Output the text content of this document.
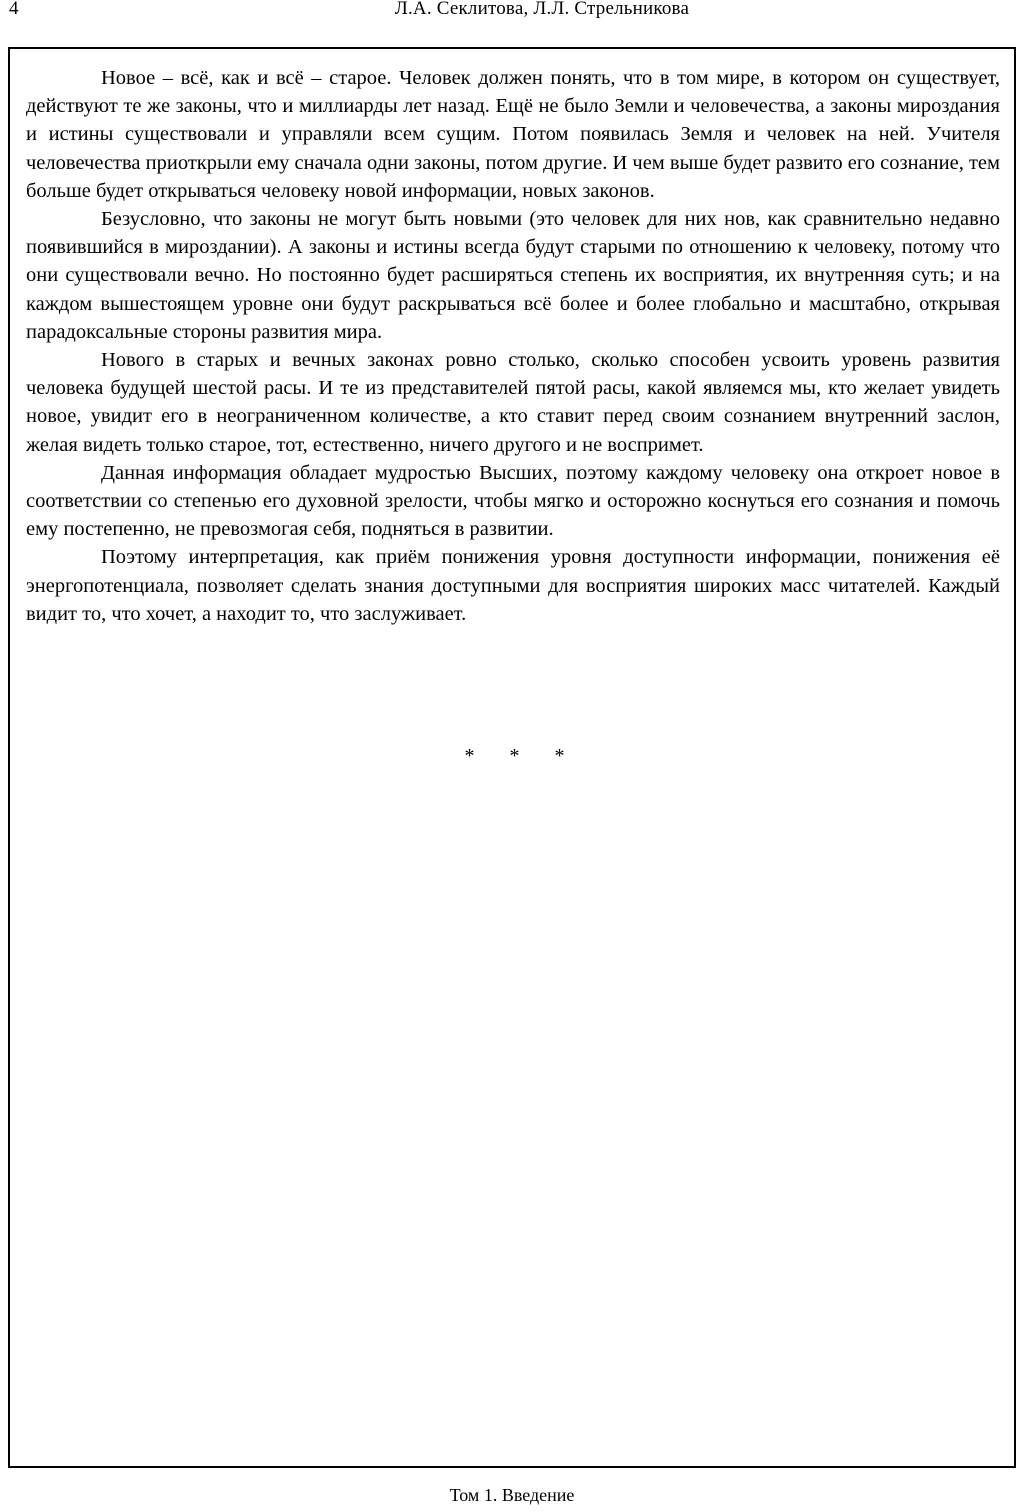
4	Л.А. Секлитова, Л.Л. Стрельникова

Новое – всё, как и всё – старое. Человек должен понять, что в том мире, в котором он существует, действуют те же законы, что и миллиарды лет назад. Ещё не было Земли и человечества, а законы мироздания и истины существовали и управляли всем сущим. Потом появилась Земля и человек на ней. Учителя человечества приоткрыли ему сначала одни законы, потом другие. И чем выше будет развито его сознание, тем больше будет открываться человеку новой информации, новых законов.

Безусловно, что законы не могут быть новыми (это человек для них нов, как сравнительно недавно появившийся в мироздании). А законы и истины всегда будут старыми по отношению к человеку, потому что они существовали вечно. Но постоянно будет расширяться степень их восприятия, их внутренняя суть; и на каждом вышестоящем уровне они будут раскрываться всё более и более глобально и масштабно, открывая парадоксальные стороны развития мира.

Нового в старых и вечных законах ровно столько, сколько способен усвоить уровень развития человека будущей шестой расы. И те из представителей пятой расы, какой являемся мы, кто желает увидеть новое, увидит его в неограниченном количестве, а кто ставит перед своим сознанием внутренний заслон, желая видеть только старое, тот, естественно, ничего другого и не воспримет.

Данная информация обладает мудростью Высших, поэтому каждому человеку она откроет новое в соответствии со степенью его духовной зрелости, чтобы мягко и осторожно коснуться его сознания и помочь ему постепенно, не превозмогая себя, подняться в развитии.

Поэтому интерпретация, как приём понижения уровня доступности информации, понижения её энергопотенциала, позволяет сделать знания доступными для восприятия широких масс читателей. Каждый видит то, что хочет, а находит то, что заслуживает.

* * *
Том 1. Введение
